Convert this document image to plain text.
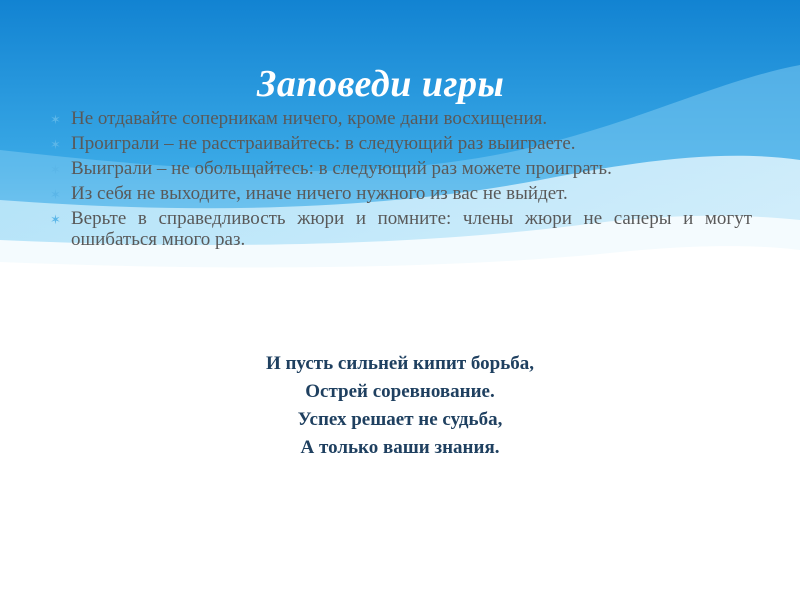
Заповеди игры
✶ Не отдавайте соперникам ничего, кроме дани восхищения.
✶ Проиграли – не расстраивайтесь: в следующий раз выиграете.
✶ Выиграли – не обольщайтесь: в следующий раз можете проиграть.
✶ Из себя не выходите, иначе ничего нужного из вас не выйдет.
✶ Верьте в справедливость жюри и помните: члены жюри не саперы и могут ошибаться много раз.
И пусть сильней кипит борьба,
Острей соревнование.
Успех решает не судьба,
А только ваши знания.
